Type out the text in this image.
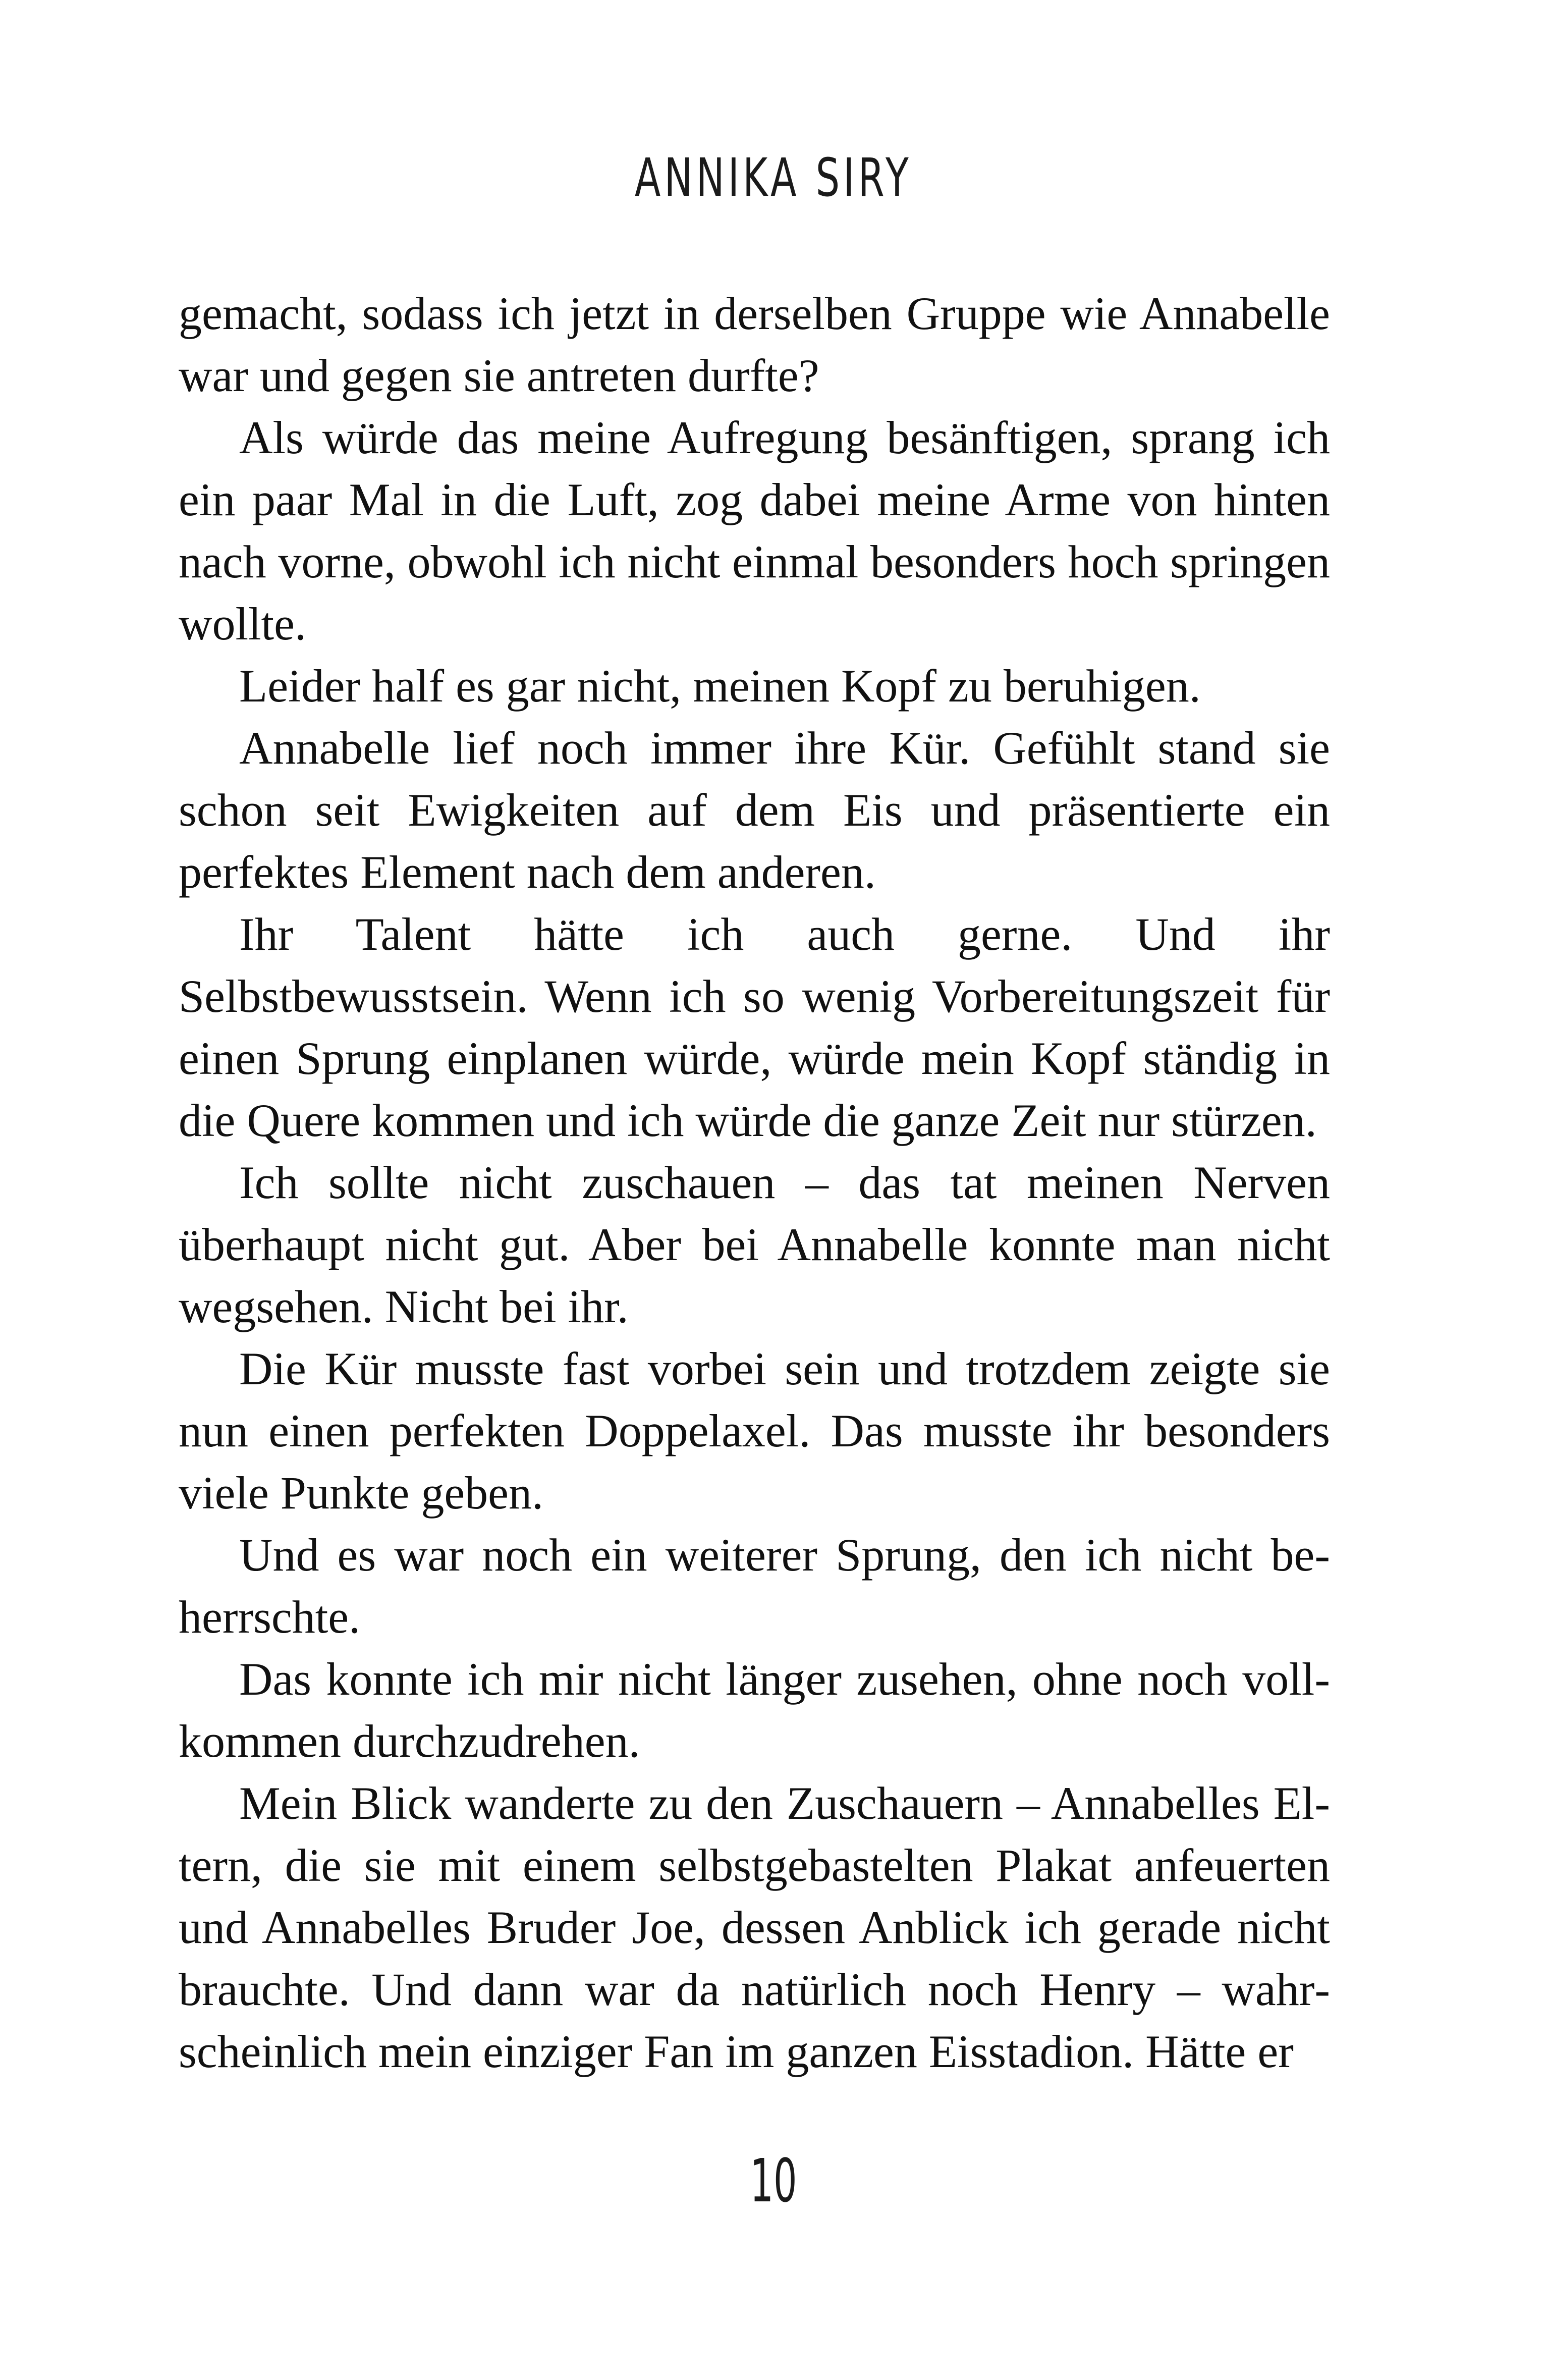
ANNIKA SIRY

gemacht, sodass ich jetzt in derselben Gruppe wie Annabelle war und gegen sie antreten durfte?

Als würde das meine Aufregung besänftigen, sprang ich ein paar Mal in die Luft, zog dabei meine Arme von hinten nach vorne, obwohl ich nicht einmal besonders hoch springen wollte.

Leider half es gar nicht, meinen Kopf zu beruhigen.

Annabelle lief noch immer ihre Kür. Gefühlt stand sie schon seit Ewigkeiten auf dem Eis und präsentierte ein perfektes Element nach dem anderen.

Ihr Talent hätte ich auch gerne. Und ihr Selbstbewusstsein. Wenn ich so wenig Vorbereitungszeit für einen Sprung einplanen würde, würde mein Kopf ständig in die Quere kommen und ich würde die ganze Zeit nur stürzen.

Ich sollte nicht zuschauen – das tat meinen Nerven überhaupt nicht gut. Aber bei Annabelle konnte man nicht wegsehen. Nicht bei ihr.

Die Kür musste fast vorbei sein und trotzdem zeigte sie nun einen perfekten Doppelaxel. Das musste ihr besonders viele Punkte geben.

Und es war noch ein weiterer Sprung, den ich nicht beherrschte.

Das konnte ich mir nicht länger zusehen, ohne noch vollkommen durchzudrehen.

Mein Blick wanderte zu den Zuschauern – Annabelles Eltern, die sie mit einem selbstgebastelten Plakat anfeuerten und Annabelles Bruder Joe, dessen Anblick ich gerade nicht brauchte. Und dann war da natürlich noch Henry – wahrscheinlich mein einziger Fan im ganzen Eisstadion. Hätte er

10
